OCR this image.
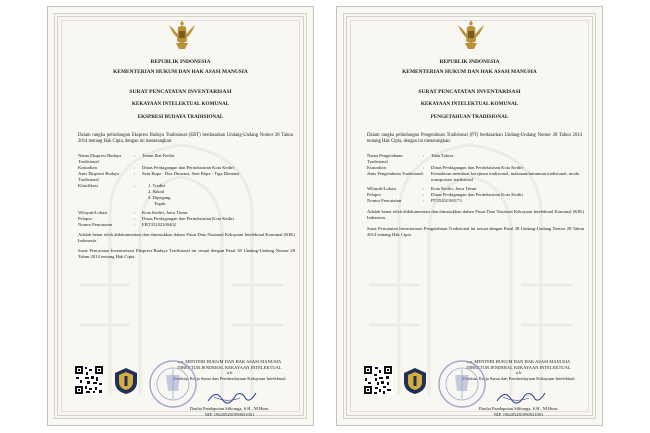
REPUBLIK INDONESIA
KEMENTERIAN HUKUM DAN HAK ASASI MANUSIA
SURAT PENCATATAN INVENTARISASI
KEKAYAAN INTELEKTUAL KOMUNAL
EKSPRESI BUDAYA TRADISIONAL
Dalam rangka pelindungan Ekspresi Budaya Tradisional (EBT) berdasarkan Undang-Undang Nomor 28 Tahun 2014 tentang Hak Cipta, dengan ini menerangkan:
Nama Ekspresi Budaya Tradisional
:	Tenun Ikat Kediri
Kustodian	:	Dinas Perdagangan dan Perindustrian Kota Kediri
Jenis Ekspresi Budaya Tradisional
:	Seni Rupa - Dua Dimensi, Seni Rupa - Tiga Dimensi
Klasifikasi	:	1. Tradisi
2. Sakral
3. Dipegang
Teguh
Wilayah/Lokasi	:	Kota Kediri, Jawa Timur
Pelapor	:	Dinas Perdagangan dan Perindustrian Kota Kediri
Nomor Pencatatan	:	EBT35202100402
Adalah benar telah didokumentasi dan dimasukkan dalam Pusat Data Nasional Kekayaan Intelektual Komunal (KIK) Indonesia.
Surat Pencatatan Inventarisasi Ekspresi Budaya Tradisional ini sesuai dengan Pasal 38 Undang-Undang Nomor 28 Tahun 2014 tentang Hak Cipta.
a.n. MENTERI HUKUM DAN HAK ASASI MANUSIA
DIREKTUR JENDERAL KEKAYAAN INTELEKTUAL
u.b
Direktur Kerja Sama dan Pemberdayaan Kekayaan Intelektual
Daulat Pandapotan Silitonga, S.H., M.Hum.
NIP. 196205281990031001
REPUBLIK INDONESIA
KEMENTERIAN HUKUM DAN HAK ASASI MANUSIA
SURAT PENCATATAN INVENTARISASI
KEKAYAAN INTELEKTUAL KOMUNAL
PENGETAHUAN TRADISIONAL
Dalam rangka pelindungan Pengetahuan Tradisional (PT) berdasarkan Undang-Undang Nomor 28 Tahun 2014 tentang Hak Cipta, dengan ini menerangkan:
Nama Pengetahuan Tradisional
:	Tahu Takwa
Kustodian	:	Dinas Perdagangan dan Perindustrian Kota Kediri
Jenis Pengetahuan Tradisional :	Kemahiran membuat kerajinan tradisional, makanan/minuman tradisional, moda transportasi tradisional
Wilayah/Lokasi	:	Kota Kediri, Jawa Timur
Pelapor	:	Dinas Perdagangan dan Perindustrian Kota Kediri
Nomor Pencatatan	:	PT35202100173
Adalah benar telah didokumentasi dan dimasukkan dalam Pusat Data Nasional Kekayaan Intelektual Komunal (KIK) Indonesia.
Surat Pencatatan Inventarisasi Pengetahuan Tradisional ini sesuai dengan Pasal 38 Undang-Undang Nomor 28 Tahun 2014 tentang Hak Cipta.
a.n. MENTERI HUKUM DAN HAK ASASI MANUSIA
DIREKTUR JENDERAL KEKAYAAN INTELEKTUAL
u.b
Direktur Kerja Sama dan Pemberdayaan Kekayaan Intelektual
Daulat Pandapotan Silitonga, S.H., M.Hum.
NIP. 196205281990031001
